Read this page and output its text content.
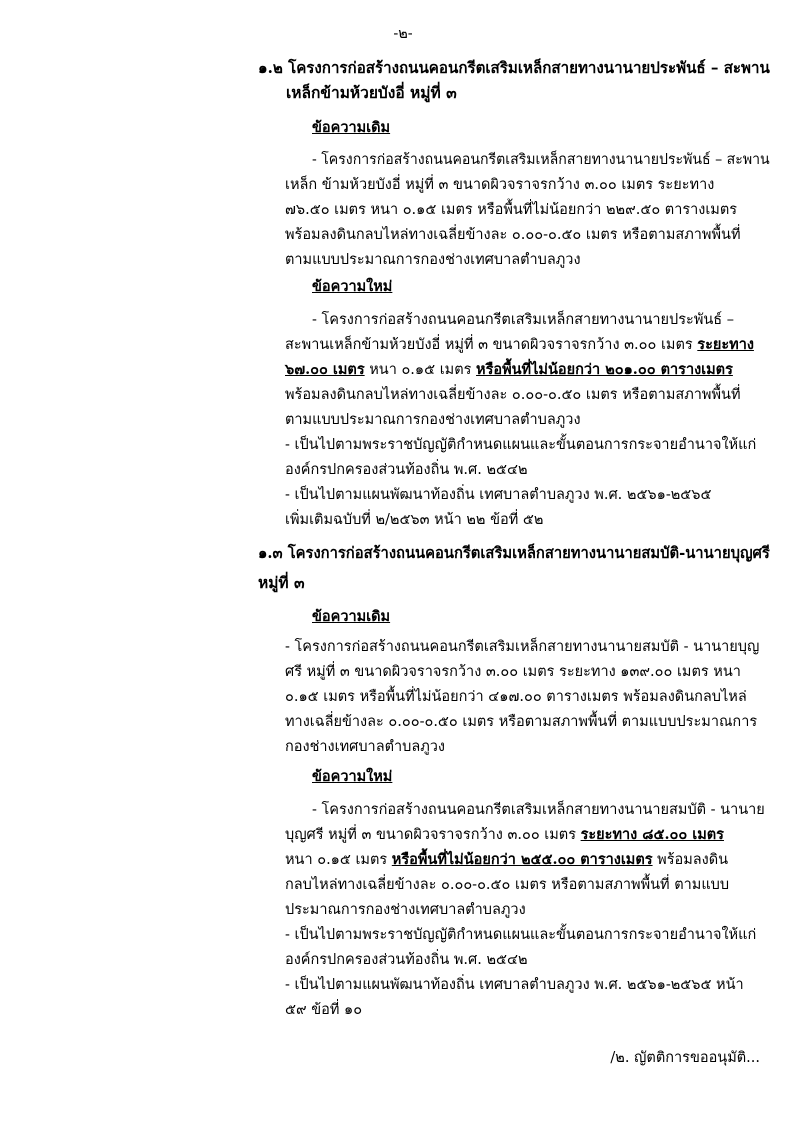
-๒-
๑.๒ โครงการก่อสร้างถนนคอนกรีตเสริมเหล็กสายทางนานายประพันธ์ – สะพาน
เหล็กข้ามห้วยบังอี่ หมู่ที่ ๓
ข้อความเดิม
- โครงการก่อสร้างถนนคอนกรีตเสริมเหล็กสายทางนานายประพันธ์ – สะพาน
เหล็ก ข้ามห้วยบังอี่ หมู่ที่ ๓ ขนาดผิวจราจรกว้าง ๓.๐๐ เมตร ระยะทาง
๗๖.๕๐ เมตร หนา ๐.๑๕ เมตร หรือพื้นที่ไม่น้อยกว่า ๒๒๙.๕๐ ตารางเมตร
พร้อมลงดินกลบไหล่ทางเฉลี่ยข้างละ ๐.๐๐-๐.๕๐ เมตร หรือตามสภาพพื้นที่
ตามแบบประมาณการกองช่างเทศบาลตำบลภูวง
ข้อความใหม่
- โครงการก่อสร้างถนนคอนกรีตเสริมเหล็กสายทางนานายประพันธ์ –
สะพานเหล็กข้ามห้วยบังอี่ หมู่ที่ ๓ ขนาดผิวจราจรกว้าง ๓.๐๐ เมตร ระยะทาง
๖๗.๐๐ เมตร หนา ๐.๑๕ เมตร หรือพื้นที่ไม่น้อยกว่า ๒๐๑.๐๐ ตารางเมตร
พร้อมลงดินกลบไหล่ทางเฉลี่ยข้างละ ๐.๐๐-๐.๕๐ เมตร หรือตามสภาพพื้นที่
ตามแบบประมาณการกองช่างเทศบาลตำบลภูวง
- เป็นไปตามพระราชบัญญัติกำหนดแผนและขั้นตอนการกระจายอำนาจให้แก่
องค์กรปกครองส่วนท้องถิ่น พ.ศ. ๒๕๔๒
- เป็นไปตามแผนพัฒนาท้องถิ่น เทศบาลตำบลภูวง พ.ศ. ๒๕๖๑-๒๕๖๕
เพิ่มเติมฉบับที่ ๒/๒๕๖๓ หน้า ๒๒ ข้อที่ ๕๒
๑.๓ โครงการก่อสร้างถนนคอนกรีตเสริมเหล็กสายทางนานายสมบัติ-นานายบุญศรี
หมู่ที่ ๓
ข้อความเดิม
- โครงการก่อสร้างถนนคอนกรีตเสริมเหล็กสายทางนานายสมบัติ - นานายบุญ
ศรี หมู่ที่ ๓ ขนาดผิวจราจรกว้าง ๓.๐๐ เมตร ระยะทาง ๑๓๙.๐๐ เมตร หนา
๐.๑๕ เมตร หรือพื้นที่ไม่น้อยกว่า ๔๑๗.๐๐ ตารางเมตร พร้อมลงดินกลบไหล่
ทางเฉลี่ยข้างละ ๐.๐๐-๐.๕๐ เมตร หรือตามสภาพพื้นที่ ตามแบบประมาณการ
กองช่างเทศบาลตำบลภูวง
ข้อความใหม่
- โครงการก่อสร้างถนนคอนกรีตเสริมเหล็กสายทางนานายสมบัติ - นานาย
บุญศรี หมู่ที่ ๓ ขนาดผิวจราจรกว้าง ๓.๐๐ เมตร ระยะทาง ๘๕.๐๐ เมตร
หนา ๐.๑๕ เมตร หรือพื้นที่ไม่น้อยกว่า ๒๕๕.๐๐ ตารางเมตร พร้อมลงดิน
กลบไหล่ทางเฉลี่ยข้างละ ๐.๐๐-๐.๕๐ เมตร หรือตามสภาพพื้นที่ ตามแบบ
ประมาณการกองช่างเทศบาลตำบลภูวง
- เป็นไปตามพระราชบัญญัติกำหนดแผนและขั้นตอนการกระจายอำนาจให้แก่
องค์กรปกครองส่วนท้องถิ่น พ.ศ. ๒๕๔๒
- เป็นไปตามแผนพัฒนาท้องถิ่น เทศบาลตำบลภูวง พ.ศ. ๒๕๖๑-๒๕๖๕ หน้า
๕๙ ข้อที่ ๑๐
/๒. ญัตติการขออนุมัติ...
